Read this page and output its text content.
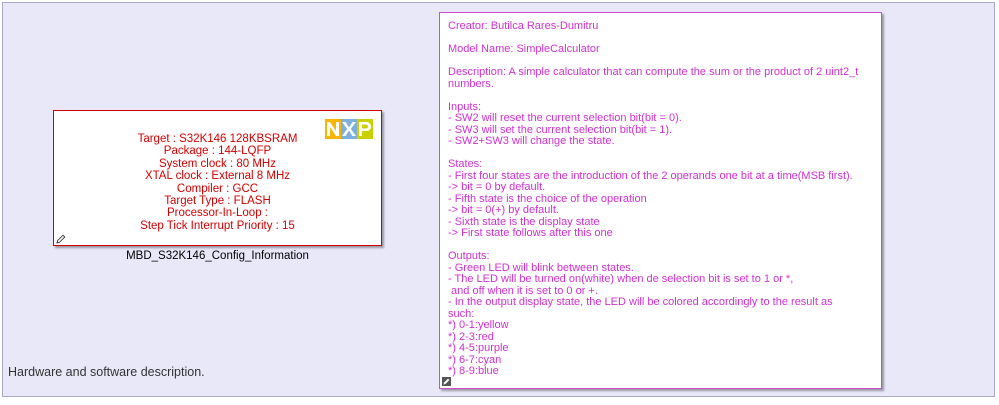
Target : S32K146 128KBSRAM
Package : 144-LQFP
System clock : 80 MHz
XTAL clock : External 8 MHz
Compiler : GCC
Target Type : FLASH
Processor-In-Loop :
Step Tick Interrupt Priority : 15
MBD_S32K146_Config_Information
Hardware and software description.
Creator: Butilca Rares-Dumitru
Model Name: SimpleCalculator
Description: A simple calculator that can compute the sum or the product of 2 uint2_t
numbers.
Inputs:
- SW2 will reset the current selection bit(bit = 0).
- SW3 will set the current selection bit(bit = 1).
- SW2+SW3 will change the state.
States:
- First four states are the introduction of the 2 operands one bit at a time(MSB first).
-> bit = 0 by default.
- Fifth state is the choice of the operation
-> bit = 0(+) by default.
- Sixth state is the display state
-> First state follows after this one
Outputs:
- Green LED will blink between states.
- The LED will be turned on(white) when de selection bit is set to 1 or *,
and off when it is set to 0 or +.
- In the output display state, the LED will be colored accordingly to the result as
such:
*) 0-1:yellow
*) 2-3:red
*) 4-5:purple
*) 6-7:cyan
*) 8-9:blue
